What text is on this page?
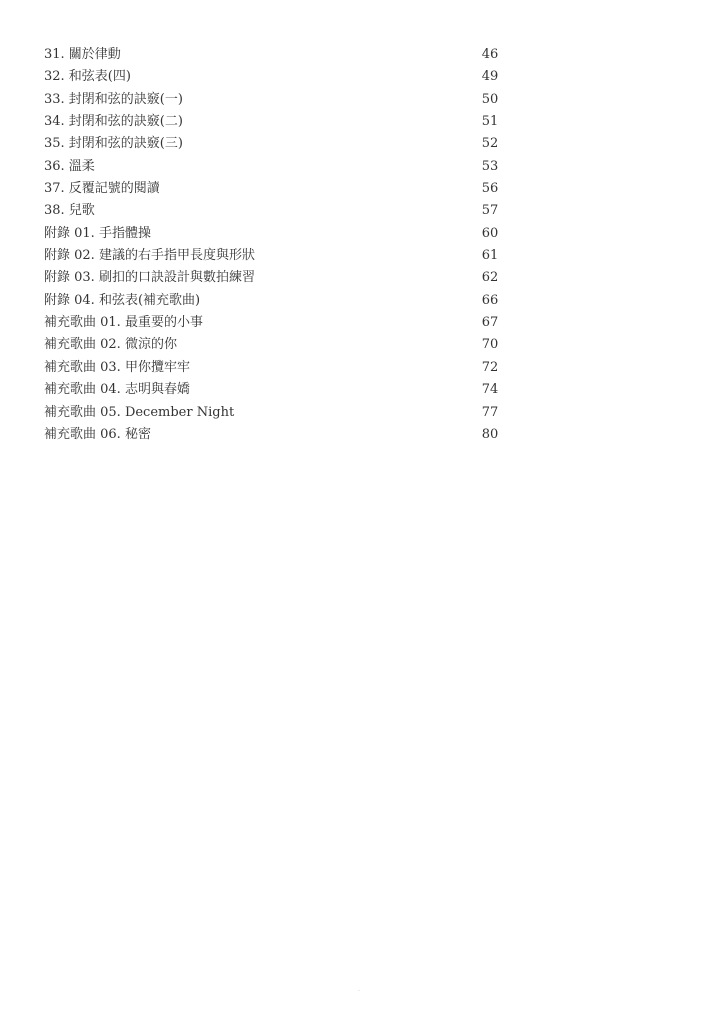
31. 關於律動	46
32. 和弦表(四)	49
33. 封閉和弦的訣竅(一)	50
34. 封閉和弦的訣竅(二)	51
35. 封閉和弦的訣竅(三)	52
36. 溫柔	53
37. 反覆記號的閱讀	56
38. 兒歌	57
附錄 01. 手指體操	60
附錄 02. 建議的右手指甲長度與形狀	61
附錄 03. 刷扣的口訣設計與數拍練習	62
附錄 04. 和弦表(補充歌曲)	66
補充歌曲 01. 最重要的小事	67
補充歌曲 02. 微涼的你	70
補充歌曲 03. 甲你攬牢牢	72
補充歌曲 04. 志明與春嬌	74
補充歌曲 05. December Night	77
補充歌曲 06. 秘密	80
·
